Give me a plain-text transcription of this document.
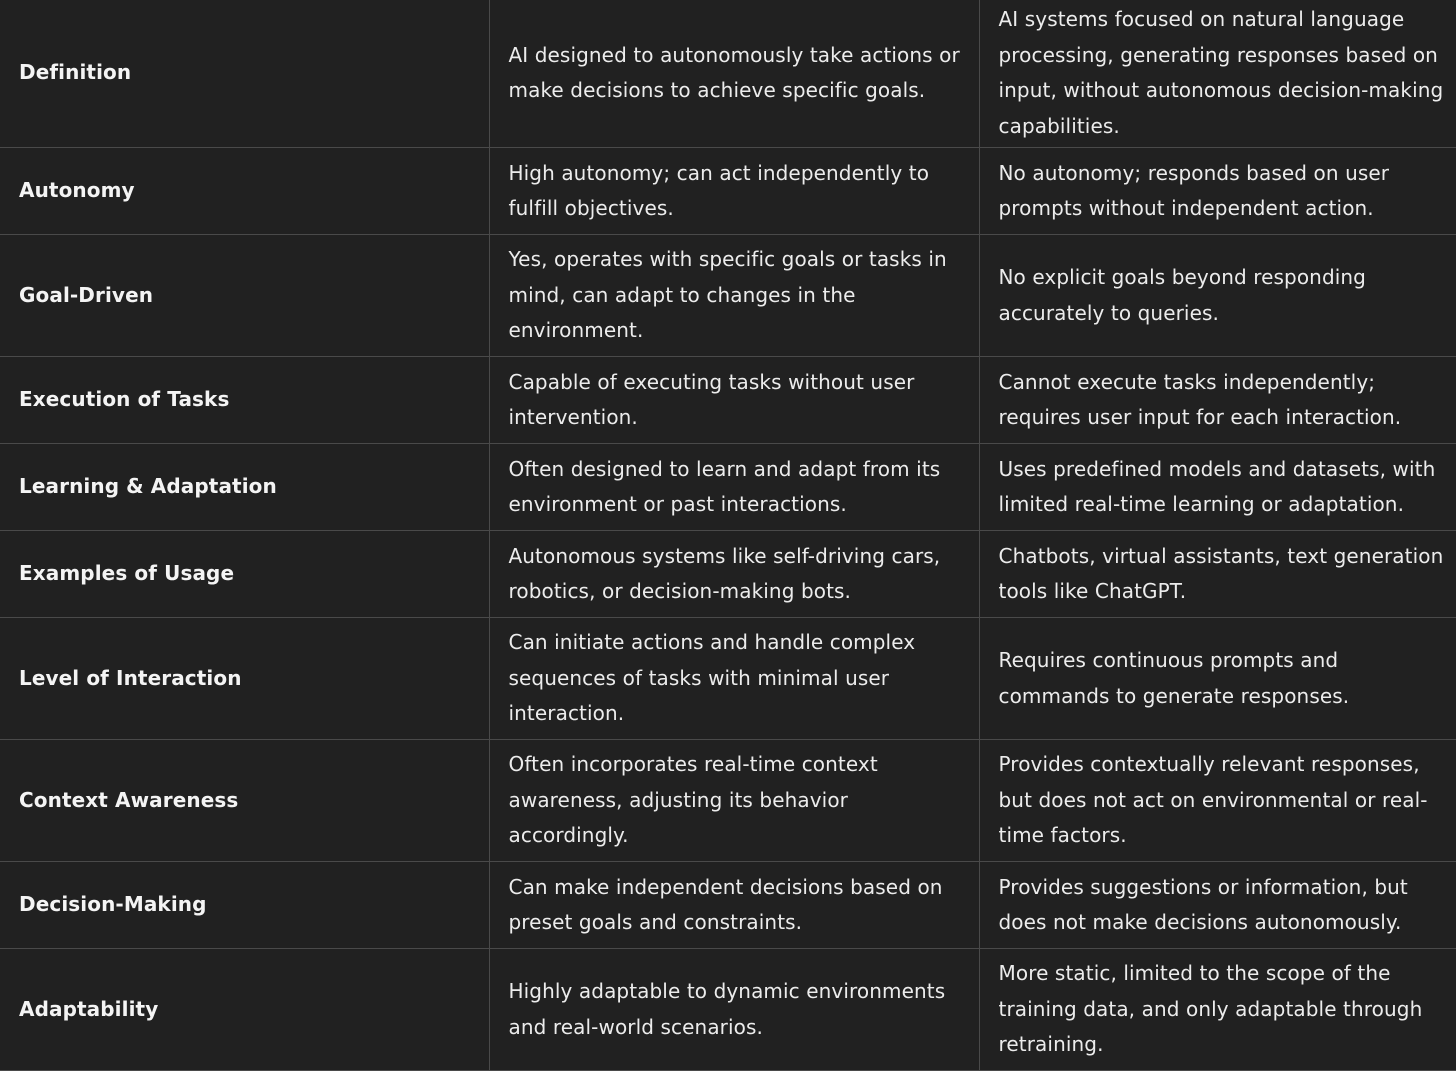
Definition	AI designed to autonomously take actions or make decisions to achieve specific goals.	AI systems focused on natural language processing, generating responses based on input, without autonomous decision-making capabilities.
Autonomy	High autonomy; can act independently to fulfill objectives.	No autonomy; responds based on user prompts without independent action.
Goal-Driven	Yes, operates with specific goals or tasks in mind, can adapt to changes in the environment.	No explicit goals beyond responding accurately to queries.
Execution of Tasks	Capable of executing tasks without user intervention.	Cannot execute tasks independently; requires user input for each interaction.
Learning & Adaptation	Often designed to learn and adapt from its environment or past interactions.	Uses predefined models and datasets, with limited real-time learning or adaptation.
Examples of Usage	Autonomous systems like self-driving cars, robotics, or decision-making bots.	Chatbots, virtual assistants, text generation tools like ChatGPT.
Level of Interaction	Can initiate actions and handle complex sequences of tasks with minimal user interaction.	Requires continuous prompts and commands to generate responses.
Context Awareness	Often incorporates real-time context awareness, adjusting its behavior accordingly.	Provides contextually relevant responses, but does not act on environmental or real-time factors.
Decision-Making	Can make independent decisions based on preset goals and constraints.	Provides suggestions or information, but does not make decisions autonomously.
Adaptability	Highly adaptable to dynamic environments and real-world scenarios.	More static, limited to the scope of the training data, and only adaptable through retraining.
